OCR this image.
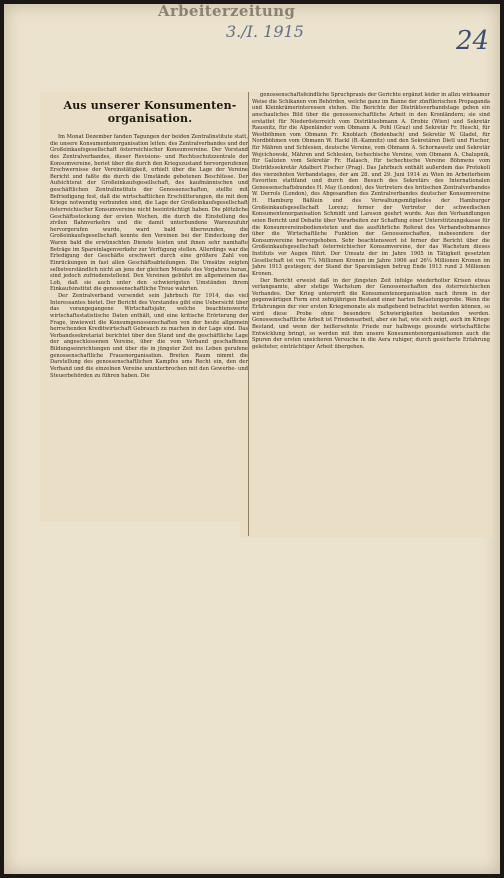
Arbeiterzeitung
3./I. 1915	24
Aus unserer Konsumenten-
organisation.

Im Monat Dezember fanden Tagungen der beiden Zentralinstitute statt, die unsere Konsumentenorganisation leiten: des Zentralverbandes und der Großeinkaufsgesellschaft österreichischer Konsumvereine. Der Vorstand des Zentralverbandes, dieser Revisions- und Rechtsschutzzentrale der Konsumvereine, beriet über die durch den Kriegszustand hervorgerufenen Erschwernisse der Vereinstätigkeit, erhielt über die Lage der Vereine Bericht und faßte die durch die Umstände gebotenen Beschlüsse. Der Aufsichtsrat der Großeinkaufsgesellschaft, des kaufmännischen und geschäftlichen Zentralinstituts der Genossenschaften, stellte mit Befriedigung fest, daß die wirtschaftlichen Erschütterungen, die mit dem Kriege notwendig verbunden sind, die Lage der Großeinkaufsgesellschaft österreichischer Konsumvereine nicht beeinträchtigt haben. Die plötzliche Geschäftsstockung der ersten Wochen, die durch die Einstellung des zivilen Bahnverkehrs und die damit unterbundene Warenzufuhr hervorgerufen wurde, ward bald überwunden, die Großeinkaufsgesellschaft konnte den Vereinen bei der Eindeckung der Waren bald die erwünschten Dienste leisten und ihnen sehr namhafte Beträge im Spareinlagenverkehr zur Verfügung stellen. Allerdings war die Erledigung der Geschäfte erschwert durch eine größere Zahl von Einrückungen in fast allen Geschäftsabteilungen. Die Umsätze zeigten selbstverständlich nicht an jene der gleichen Monate des Vorjahres heran, sind jedoch zufriedenstellend. Den Vereinen gebührt im allgemeinen das Lob, daß sie auch unter den schwierigsten Umständen ihrem Einkaufsinstitut die genossenschaftliche Treue wahrten.

Der Zentralverband versendet sein Jahrbuch für 1914, das viel Interessantes bietet. Der Bericht des Vorstandes gibt eine Uebersicht über das vorangegangene Wirtschaftsjahr, welche beachtenswerte wirtschaftsstatistische Daten enthält, und eine kritische Erörterung der Frage, inwieweit die Konsumgenossenschaften von der heute allgemein herrschenden Kreditwirtschaft Gebrauch zu machen in der Lage sind. Das Verbandssekretariat berichtet über den Stand und die geschäftliche Lage der angeschlossenen Vereine, über die vom Verband geschaffenen Bildungseinrichtungen und über die in jüngster Zeit ins Leben gerufene genossenschaftliche Frauenorganisation. Breiten Raum nimmt die Darstellung des genossenschaftlichen Kampfes ums Recht ein, den der Verband und die einzelnen Vereine ununterbrochen mit den Gewerbe- und Steuerbehörden zu führen haben. Die

genossenschaftsfeindliche Spruchpraxis der Gerichte ergänzt leider in allzu wirksamer Weise die Schikanen von Behörden, welche ganz im Banne der zünftlerischen Propaganda und Kleinkrämerinteressen stehen. Die Berichte der Distriktsverbandstage geben ein anschauliches Bild über die genossenschaftliche Arbeit in den Kronländern; sie sind erstattet für Niederösterreich vom Distriktsobmann A. Drobiz (Wien) und Sekretär Rausnitz, für die Alpenländer vom Obmann A. Pohl (Graz) und Sekretär Fr. Heschl, für Westböhmen vom Obmann Fr. Knoblach (Bodenbach) und Sekretär W. Gladel, für Nordböhmen vom Obmann W. Hackl (B.-Kamnitz) und den Sekretären Dietl und Fischer, für Mähren und Schlesien, deutsche Vereine, vom Obmann A. Schornawetz und Sekretär Wojcichowski, Mähren und Schlesien, tschechische Vereine, vom Obmann A. Chalupnik, für Galizien vom Sekretär Fr. Halasch, für tschechische Vereine Böhmens vom Distriktssekretär Adalbert Fischer (Prag). Das Jahrbuch enthält außerdem das Protokoll des vierzehnten Verbandstages, der am 28. und 29. Juni 1914 zu Wien im Arbeiterheim Favoriten stattfand und durch den Besuch des Sekretärs des Internationalen Genossenschaftsbundes H. May (London), des Vertreters des britischen Zentralverbandes W. Derrols (London), des Abgesandten des Zentralverbandes deutscher Konsumvereine H. Hamburg Bäßlein und des Verwaltungsmitgliedes der Hamburger Großeinkaufsgesellschaft Lorenz; ferner der Vertreter der schwedischen Konsumentenorganisation Schmidt und Larsson geehrt wurde. Aus den Verhandlungen seien Bericht und Debatte über Vorarbeiten zur Schaffung einer Unterstützungskasse für die Konsumvereinsbediensteten und das ausführliche Referat des Verbandsobmannes über die Wirtschaftliche Funktion der Genossenschaften, insbesondere der Konsumvereine hervorgehoben. Sehr beachtenswert ist ferner der Bericht über die Großeinkaufsgesellschaft österreichischer Konsumvereine, der das Wachstum dieses Instituts vor Augen führt. Der Umsatz der im Jahre 1905 in Tätigkeit gesetzten Gesellschaft ist von 7¼ Millionen Kronen im Jahre 1906 auf 26¼ Millionen Kronen im Jahre 1913 gestiegen; der Stand der Spareinlagen betrug Ende 1913 rund 2 Millionen Kronen.

Der Bericht erweist daß in der jüngsten Zeit infolge wiederholter Krisen etwas verlangsamte, aber stetige Wachstum der Genossenschaften des österreichischen Verbandes. Der Krieg unterwirft die Konsumentenorganisation nach ihrem in der gegenwärtigen Form erst zehnjährigen Bestand einer harten Belastungsprobe. Wenn die Erfahrungen der vier ersten Kriegsmonate als maßgebend betrachtet werden können, so wird diese Probe ohne besondere Schwierigkeiten bestanden werden. Genossenschaftliche Arbeit ist Friedensarbeit, aber sie hat, wie sich zeigt, auch im Kriege Bestand, und wenn der heißersehnte Friede nur halbwegs gesunde wirtschaftliche Entwicklung bringt, so werden mit ihm unsere Konsumentenorganisationen auch die Spuren der ersten unsicheren Versuche in die Aera ruhiger, durch gesicherte Erfahrung geleiteter, einträchtiger Arbeit übergehen.
